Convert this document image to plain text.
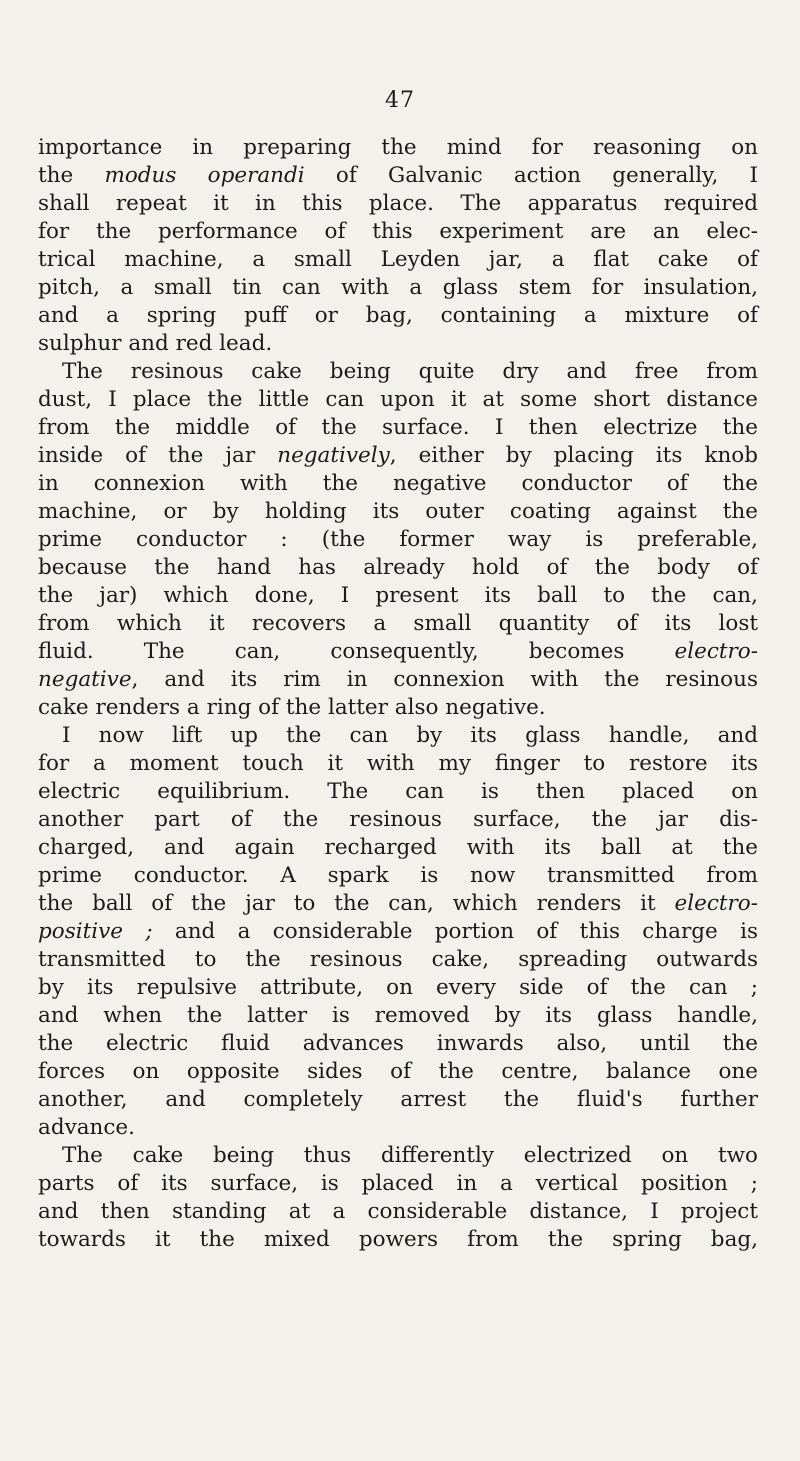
47
importance in preparing the mind for reasoning on
the modus operandi of Galvanic action generally, I
shall repeat it in this place. The apparatus required
for the performance of this experiment are an elec-
trical machine, a small Leyden jar, a flat cake of
pitch, a small tin can with a glass stem for insulation,
and a spring puff or bag, containing a mixture of
sulphur and red lead.
The resinous cake being quite dry and free from
dust, I place the little can upon it at some short distance
from the middle of the surface. I then electrize the
inside of the jar negatively, either by placing its knob
in connexion with the negative conductor of the
machine, or by holding its outer coating against the
prime conductor : (the former way is preferable,
because the hand has already hold of the body of
the jar) which done, I present its ball to the can,
from which it recovers a small quantity of its lost
fluid. The can, consequently, becomes electro-
negative, and its rim in connexion with the resinous
cake renders a ring of the latter also negative.
I now lift up the can by its glass handle, and
for a moment touch it with my finger to restore its
electric equilibrium. The can is then placed on
another part of the resinous surface, the jar dis-
charged, and again recharged with its ball at the
prime conductor. A spark is now transmitted from
the ball of the jar to the can, which renders it electro-
positive ; and a considerable portion of this charge is
transmitted to the resinous cake, spreading outwards
by its repulsive attribute, on every side of the can ;
and when the latter is removed by its glass handle,
the electric fluid advances inwards also, until the
forces on opposite sides of the centre, balance one
another, and completely arrest the fluid's further
advance.
The cake being thus differently electrized on two
parts of its surface, is placed in a vertical position ;
and then standing at a considerable distance, I project
towards it the mixed powers from the spring bag,
